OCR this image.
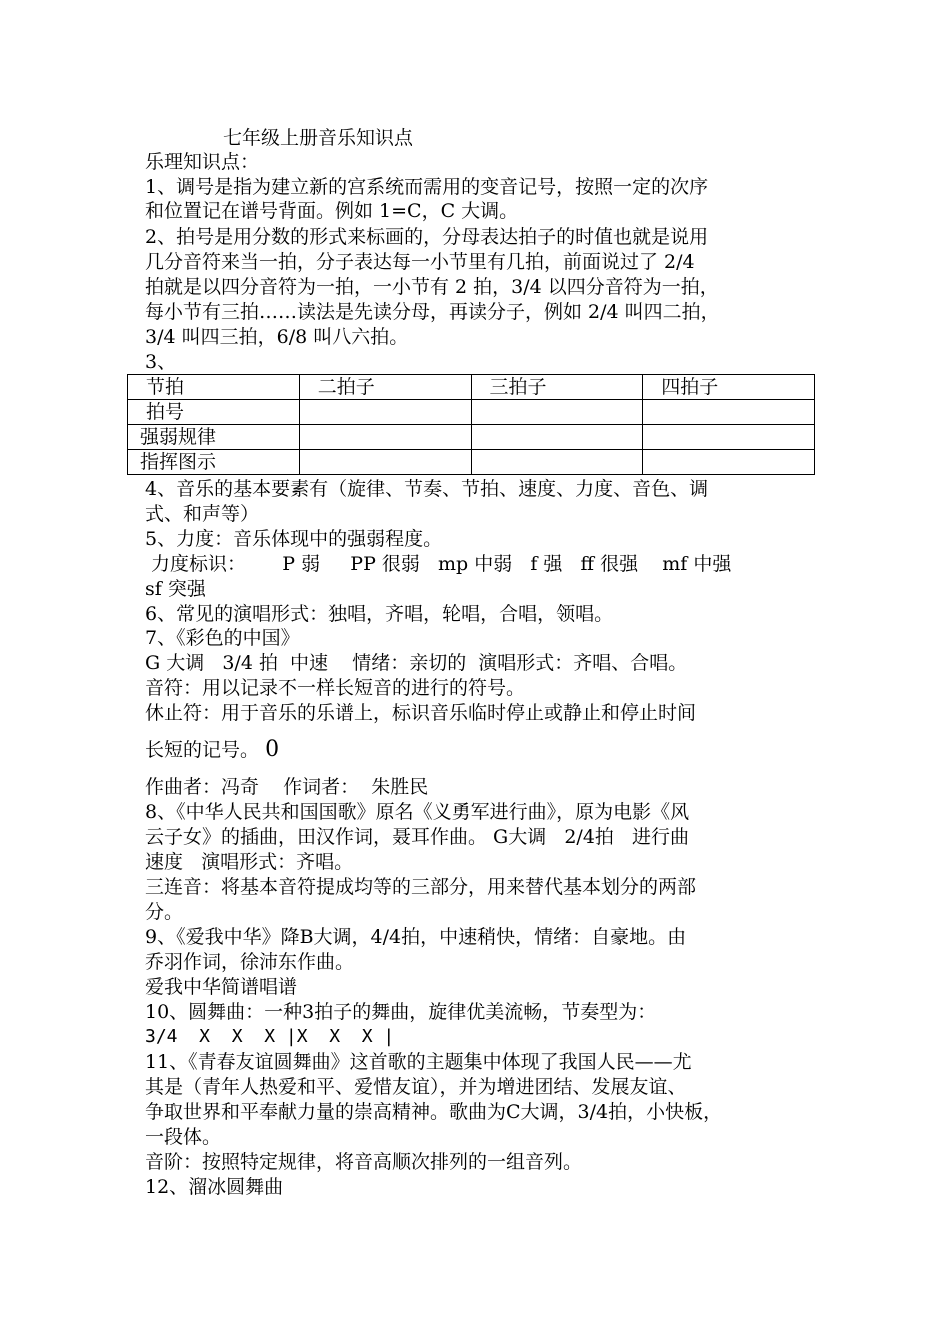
七年级上册音乐知识点
乐理知识点：
1、调号是指为建立新的宫系统而需用的变音记号，按照一定的次序
和位置记在谱号背面。例如 1=C，C 大调。
2、拍号是用分数的形式来标画的，分母表达拍子的时值也就是说用
几分音符来当一拍，分子表达每一小节里有几拍，前面说过了 2/4
拍就是以四分音符为一拍，一小节有 2 拍，3/4 以四分音符为一拍，
每小节有三拍……读法是先读分母，再读分子，例如 2/4 叫四二拍，
3/4 叫四三拍，6/8 叫八六拍。
3、
节拍	二拍子	三拍子	四拍子
拍号			
强弱规律			
指挥图示			
4、音乐的基本要素有（旋律、节奏、节拍、速度、力度、音色、调
式、和声等）
5、力度：音乐体现中的强弱程度。
力度标识：      P 弱     PP 很弱   mp 中弱   f 强   ff 很强    mf 中强
sf 突强
6、常见的演唱形式：独唱，齐唱，轮唱，合唱，领唱。
7、《彩色的中国》
G 大调   3/4 拍  中速    情绪：亲切的  演唱形式：齐唱、合唱。
音符：用以记录不一样长短音的进行的符号。
休止符：用于音乐的乐谱上，标识音乐临时停止或静止和停止时间
长短的记号。 0
作曲者：冯奇    作词者：  朱胜民
8、《中华人民共和国国歌》原名《义勇军进行曲》，原为电影《风
云子女》的插曲，田汉作词，聂耳作曲。 G大调   2/4拍   进行曲
速度   演唱形式：齐唱。
三连音：将基本音符提成均等的三部分，用来替代基本划分的两部
分。
9、《爱我中华》降B大调，4/4拍，中速稍快，情绪：自豪地。由
乔羽作词，徐沛东作曲。
爱我中华简谱唱谱
10、圆舞曲：一种3拍子的舞曲，旋律优美流畅，节奏型为：
3/4  X  X  X |X  X  X |
11、《青春友谊圆舞曲》这首歌的主题集中体现了我国人民——尤
其是（青年人热爱和平、爱惜友谊），并为增进团结、发展友谊、
争取世界和平奉献力量的崇高精神。歌曲为C大调，3/4拍，小快板，
一段体。
音阶：按照特定规律，将音高顺次排列的一组音列。
12、溜冰圆舞曲
